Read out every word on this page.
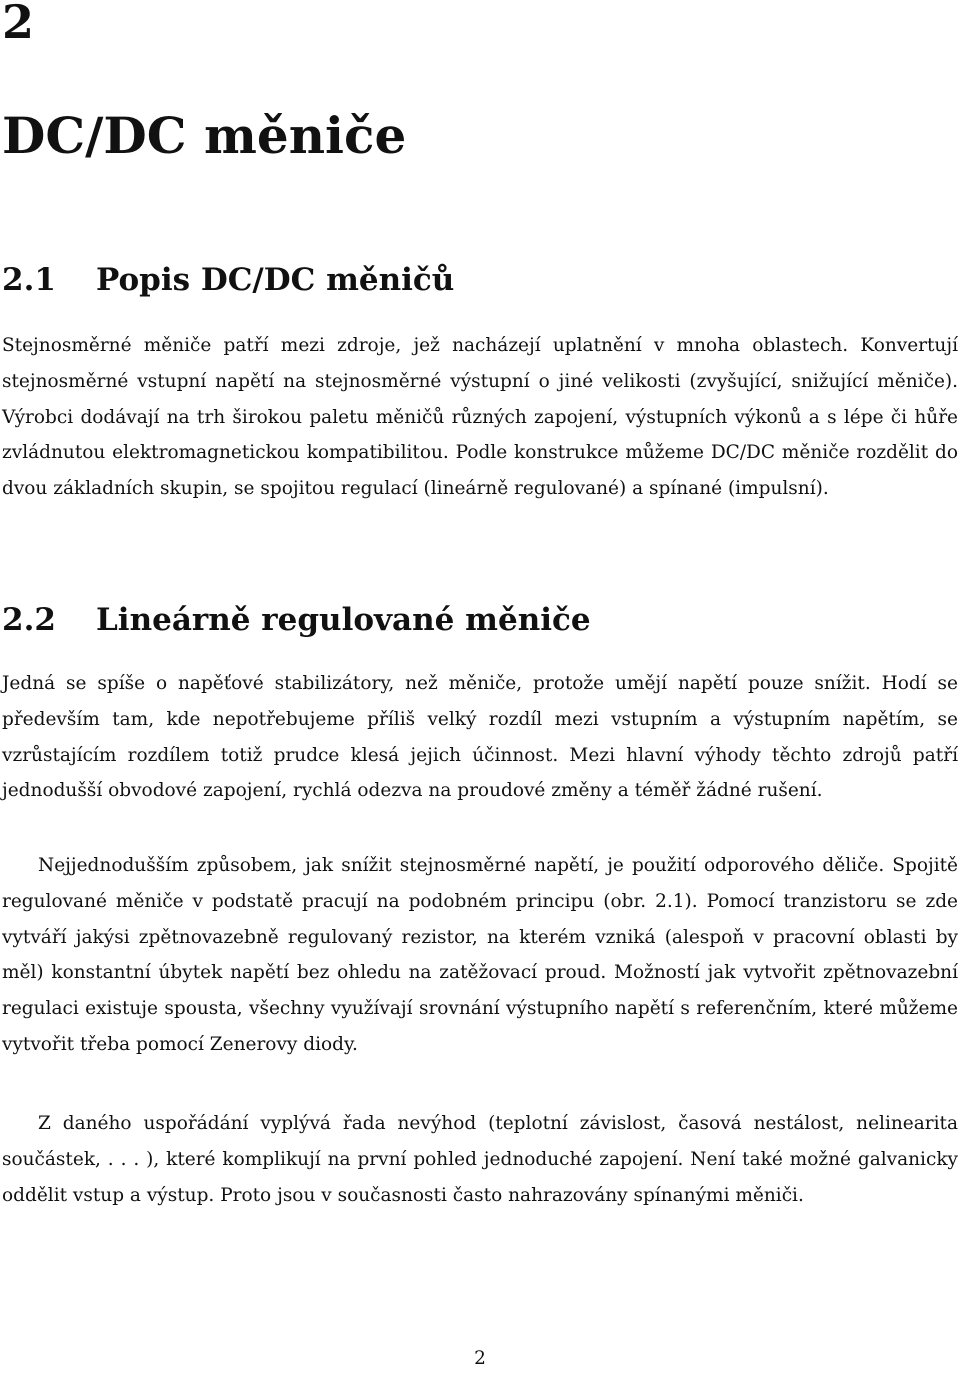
2
DC/DC měniče
2.1 Popis DC/DC měničů

Stejnosměrné měniče patří mezi zdroje, jež nacházejí uplatnění v mnoha oblastech. Konvertují stejnosměrné vstupní napětí na stejnosměrné výstupní o jiné velikosti (zvyšující, snižující měniče). Výrobci dodávají na trh širokou paletu měničů různých zapojení, výstupních výkonů a s lépe či hůře zvládnutou elektromagnetickou kompatibilitou. Podle konstrukce můžeme DC/DC měniče rozdělit do dvou základních skupin, se spojitou regulací (lineárně regulované) a spínané (impulsní).

2.2 Lineárně regulované měniče

Jedná se spíše o napěťové stabilizátory, než měniče, protože umějí napětí pouze snížit. Hodí se především tam, kde nepotřebujeme příliš velký rozdíl mezi vstupním a výstupním napětím, se vzrůstajícím rozdílem totiž prudce klesá jejich účinnost. Mezi hlavní výhody těchto zdrojů patří jednodušší obvodové zapojení, rychlá odezva na proudové změny a téměř žádné rušení.

Nejjednodušším způsobem, jak snížit stejnosměrné napětí, je použití odporového děliče. Spojitě regulované měniče v podstatě pracují na podobném principu (obr. 2.1). Pomocí tranzistoru se zde vytváří jakýsi zpětnovazebně regulovaný rezistor, na kterém vzniká (alespoň v pracovní oblasti by měl) konstantní úbytek napětí bez ohledu na zatěžovací proud. Možností jak vytvořit zpětnovazební regulaci existuje spousta, všechny využívají srovnání výstupního napětí s referenčním, které můžeme vytvořit třeba pomocí Zenerovy diody.

Z daného uspořádání vyplývá řada nevýhod (teplotní závislost, časová nestálost, nelinearita součástek, . . . ), které komplikují na první pohled jednoduché zapojení. Není také možné galvanicky oddělit vstup a výstup. Proto jsou v současnosti často nahrazovány spínanými měniči.

2
